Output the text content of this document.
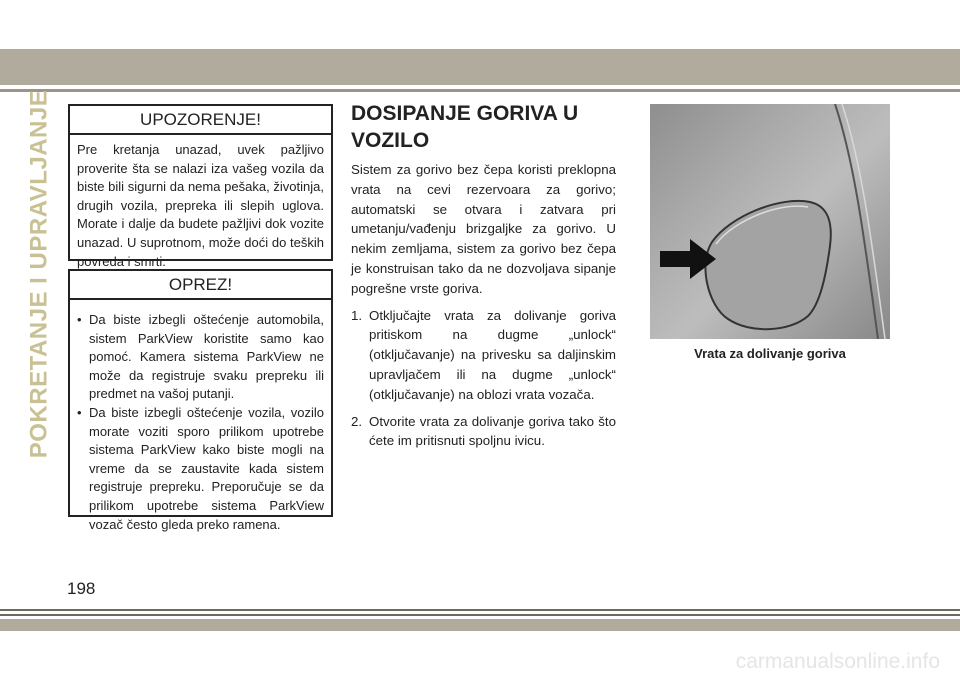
POKRETANJE I UPRAVLJANJE	UPOZORENJE!
Pre kretanja unazad, uvek pažljivo proverite šta se nalazi iza vašeg vozila da biste bili sigurni da nema pešaka, životinja, drugih vozila, prepreka ili slepih uglova. Morate i dalje da budete pažljivi dok vozite unazad. U suprotnom, može doći do teških povreda i smrti.
OPREZ!
• Da biste izbegli oštećenje automobila, sistem ParkView koristite samo kao pomoć. Kamera sistema ParkView ne može da registruje svaku prepreku ili predmet na vašoj putanji.
• Da biste izbegli oštećenje vozila, vozilo morate voziti sporo prilikom upotrebe sistema ParkView kako biste mogli na vreme da se zaustavite kada sistem registruje prepreku. Preporučuje se da prilikom upotrebe sistema ParkView vozač često gleda preko ramena.
DOSIPANJE GORIVA U VOZILO

Sistem za gorivo bez čepa koristi preklopna vrata na cevi rezervoara za gorivo; automatski se otvara i zatvara pri umetanju/vađenju brizgaljke za gorivo. U nekim zemljama, sistem za gorivo bez čepa je konstruisan tako da ne dozvoljava sipanje pogrešne vrste goriva.

1. Otključajte vrata za dolivanje goriva pritiskom na dugme „unlock“ (otključavanje) na privesku sa daljinskim upravljačem ili na dugme „unlock“ (otključavanje) na oblozi vrata vozača.
2. Otvorite vrata za dolivanje goriva tako što ćete im pritisnuti spoljnu ivicu.
Vrata za dolivanje goriva
198
carmanualsonline.info
